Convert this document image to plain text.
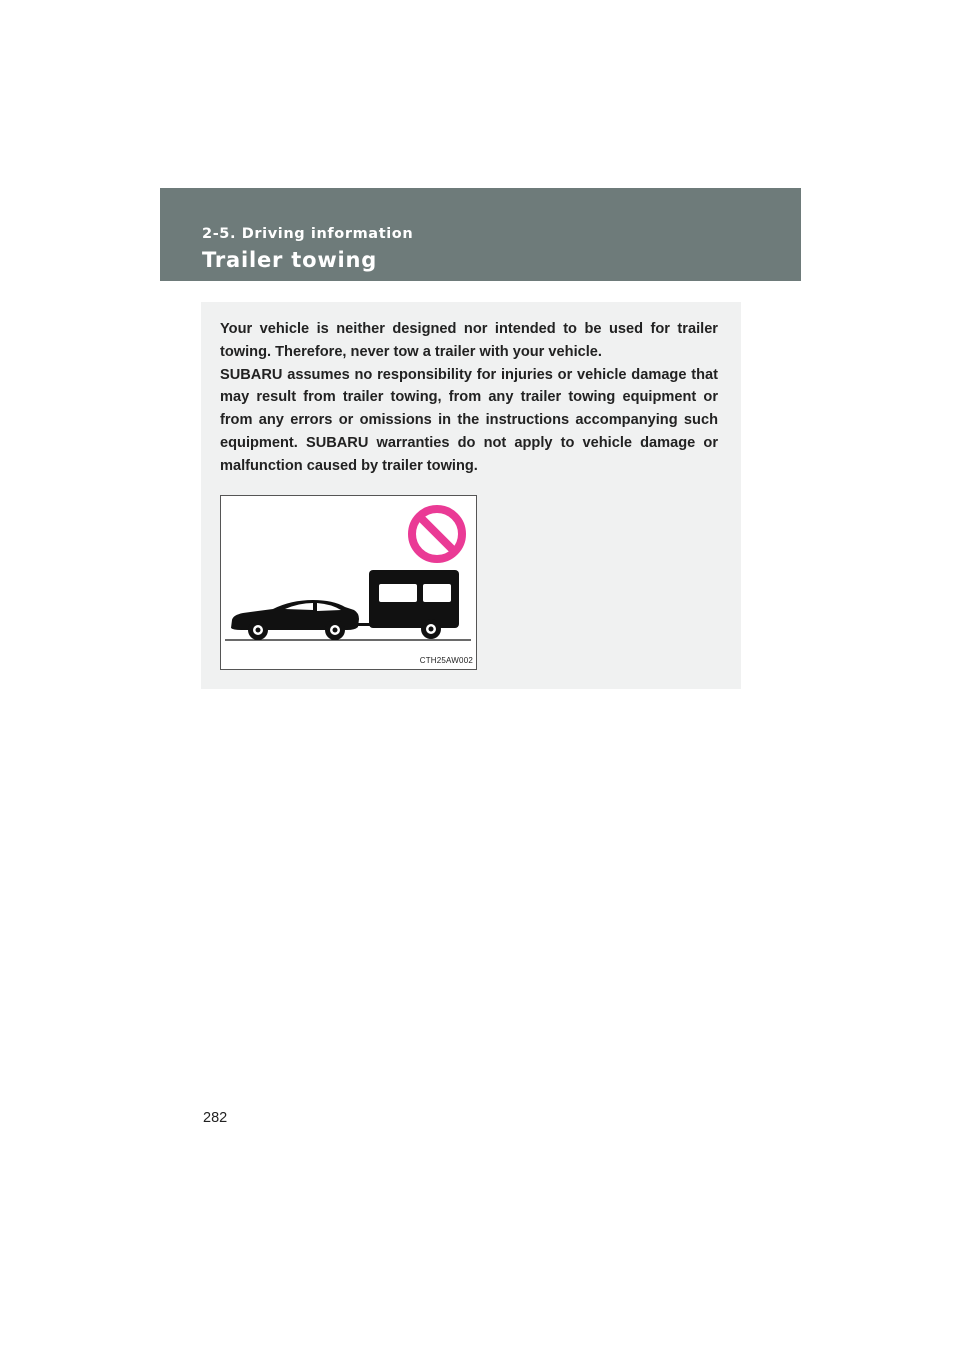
2-5. Driving information
Trailer towing

Your vehicle is neither designed nor intended to be used for trailer towing. Therefore, never tow a trailer with your vehicle.
SUBARU assumes no responsibility for injuries or vehicle damage that may result from trailer towing, from any trailer towing equipment or from any errors or omissions in the instructions accompanying such equipment. SUBARU warranties do not apply to vehicle damage or malfunction caused by trailer towing.

CTH25AW002
282
